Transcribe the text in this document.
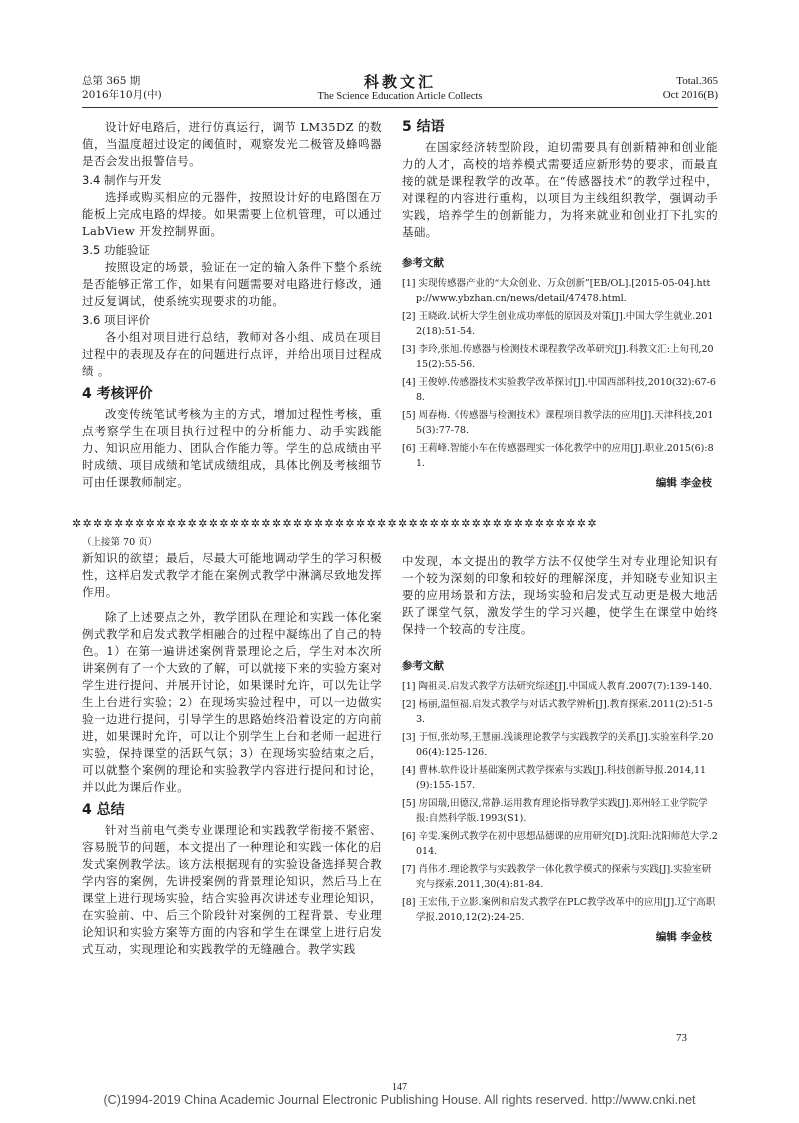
总第 365 期
2016年10月(中)
科教文汇
The Science Education Article Collects
Total.365
Oct 2016(B)

设计好电路后，进行仿真运行，调节 LM35DZ 的数值，当温度超过设定的阈值时，观察发光二极管及蜂鸣器是否会发出报警信号。

3.4 制作与开发

选择或购买相应的元器件，按照设计好的电路图在万能板上完成电路的焊接。如果需要上位机管理，可以通过 LabView 开发控制界面。

3.5 功能验证

按照设定的场景，验证在一定的输入条件下整个系统是否能够正常工作，如果有问题需要对电路进行修改，通过反复调试，使系统实现要求的功能。

3.6 项目评价

各小组对项目进行总结，教师对各小组、成员在项目过程中的表现及存在的问题进行点评，并给出项目过程成绩 。

4 考核评价

改变传统笔试考核为主的方式，增加过程性考核，重点考察学生在项目执行过程中的分析能力、动手实践能力、知识应用能力、团队合作能力等。学生的总成绩由平时成绩、项目成绩和笔试成绩组成，具体比例及考核细节可由任课教师制定。

5 结语

在国家经济转型阶段，迫切需要具有创新精神和创业能力的人才，高校的培养模式需要适应新形势的要求，而最直接的就是课程教学的改革。在“传感器技术”的教学过程中，对课程的内容进行重构，以项目为主线组织教学，强调动手实践，培养学生的创新能力，为将来就业和创业打下扎实的基础。

参考文献

[1] 实现传感器产业的“大众创业、万众创新”[EB/OL].[2015-05-04].http://www.ybzhan.cn/news/detail/47478.html.

[2] 王晓政.试析大学生创业成功率低的原因及对策[J].中国大学生就业.2012(18):51-54.

[3] 李玲,张旭.传感器与检测技术课程教学改革研究[J].科教文汇:上旬刊,2015(2):55-56.

[4] 王俊婷.传感器技术实验教学改革探讨[J].中国西部科技,2010(32):67-68.

[5] 周春梅.《传感器与检测技术》课程项目教学法的应用[J].天津科技,2015(3):77-78.

[6] 王莉峰.智能小车在传感器理实一体化教学中的应用[J].职业.2015(6):81.

编辑 李金枝
✲✲✲✲✲✲✲✲✲✲✲✲✲✲✲✲✲✲✲✲✲✲✲✲✲✲✲✲✲✲✲✲✲✲✲✲✲✲✲✲✲✲✲✲✲✲✲✲✲✲
（上接第 70 页）

新知识的欲望；最后，尽最大可能地调动学生的学习积极性，这样启发式教学才能在案例式教学中淋漓尽致地发挥作用。

除了上述要点之外，教学团队在理论和实践一体化案例式教学和启发式教学相融合的过程中凝练出了自己的特色。1）在第一遍讲述案例背景理论之后，学生对本次所讲案例有了一个大致的了解，可以就接下来的实验方案对学生进行提问、并展开讨论，如果课时允许，可以先让学生上台进行实验；2）在现场实验过程中，可以一边做实验一边进行提问，引导学生的思路始终沿着设定的方向前进，如果课时允许，可以让个别学生上台和老师一起进行实验，保持课堂的活跃气氛；3）在现场实验结束之后，可以就整个案例的理论和实验教学内容进行提问和讨论，并以此为课后作业。

4 总结

针对当前电气类专业课理论和实践教学衔接不紧密、容易脱节的问题，本文提出了一种理论和实践一体化的启发式案例教学法。该方法根据现有的实验设备选择契合教学内容的案例，先讲授案例的背景理论知识，然后马上在课堂上进行现场实验，结合实验再次讲述专业理论知识，在实验前、中、后三个阶段针对案例的工程背景、专业理论知识和实验方案等方面的内容和学生在课堂上进行启发式互动，实现理论和实践教学的无缝融合。教学实践

中发现，本文提出的教学方法不仅使学生对专业理论知识有一个较为深刻的印象和较好的理解深度，并知晓专业知识主要的应用场景和方法，现场实验和启发式互动更是极大地活跃了课堂气氛，激发学生的学习兴趣，使学生在课堂中始终保持一个较高的专注度。

参考文献

[1] 陶祖灵.启发式教学方法研究综述[J].中国成人教育.2007(7):139-140.

[2] 杨丽,温恒福.启发式教学与对话式教学辨析[J].教育探索.2011(2):51-53.

[3] 于恒,张幼琴,王慧丽.浅谈理论教学与实践教学的关系[J].实验室科学.2006(4):125-126.

[4] 曹林.软件设计基础案例式教学探索与实践[J].科技创新导报.2014,11(9):155-157.

[5] 房国瑞,田德汉,常静.运用教育理论指导教学实践[J].郑州轻工业学院学报:自然科学版.1993(S1).

[6] 辛雯.案例式教学在初中思想品德课的应用研究[D].沈阳:沈阳师范大学.2014.

[7] 肖伟才.理论教学与实践教学一体化教学模式的探索与实践[J].实验室研究与探索.2011,30(4):81-84.

[8] 王宏伟,于立影.案例和启发式教学在PLC教学改革中的应用[J].辽宁高职学报.2010,12(2):24-25.

编辑 李金枝
73
147
(C)1994-2019 China Academic Journal Electronic Publishing House. All rights reserved. http://www.cnki.net
